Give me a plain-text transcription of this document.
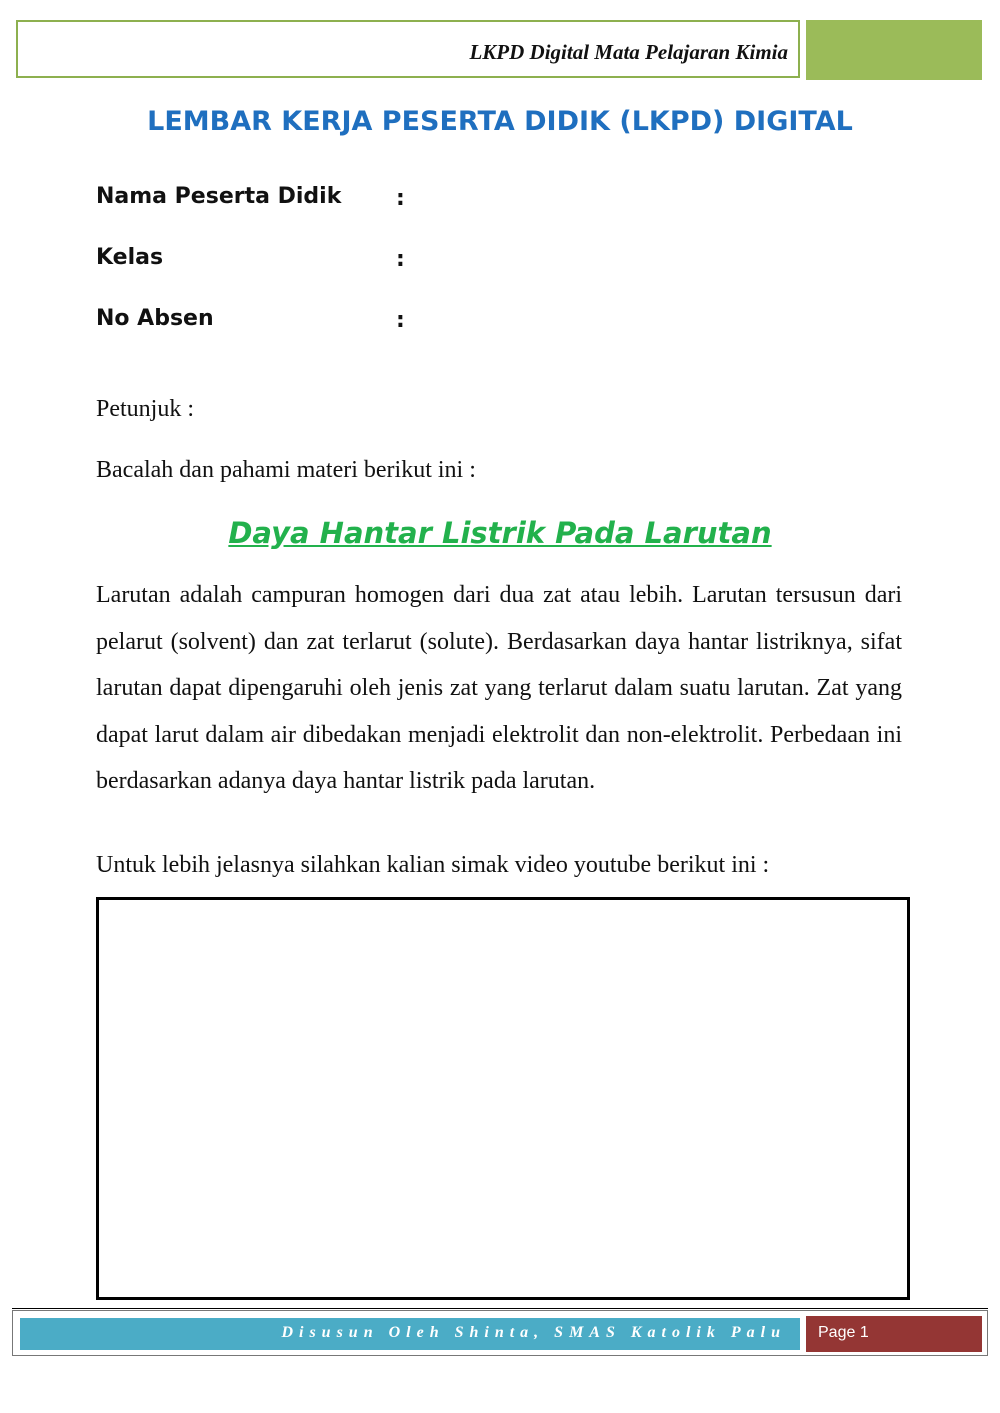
LKPD Digital Mata Pelajaran Kimia
LEMBAR KERJA PESERTA DIDIK (LKPD) DIGITAL
Nama Peserta Didik :
Kelas	:
No Absen	:
Petunjuk :
Bacalah dan pahami materi berikut ini :
Daya Hantar Listrik Pada Larutan

Larutan adalah campuran homogen dari dua zat atau lebih. Larutan tersusun dari pelarut (solvent) dan zat terlarut (solute). Berdasarkan daya hantar listriknya, sifat larutan dapat dipengaruhi oleh jenis zat yang terlarut dalam suatu larutan. Zat yang dapat larut dalam air dibedakan menjadi elektrolit dan non-elektrolit. Perbedaan ini berdasarkan adanya daya hantar listrik pada larutan.

Untuk lebih jelasnya silahkan kalian simak video youtube berikut ini :
Disusun Oleh Shinta, SMAS Katolik Palu Page 1
